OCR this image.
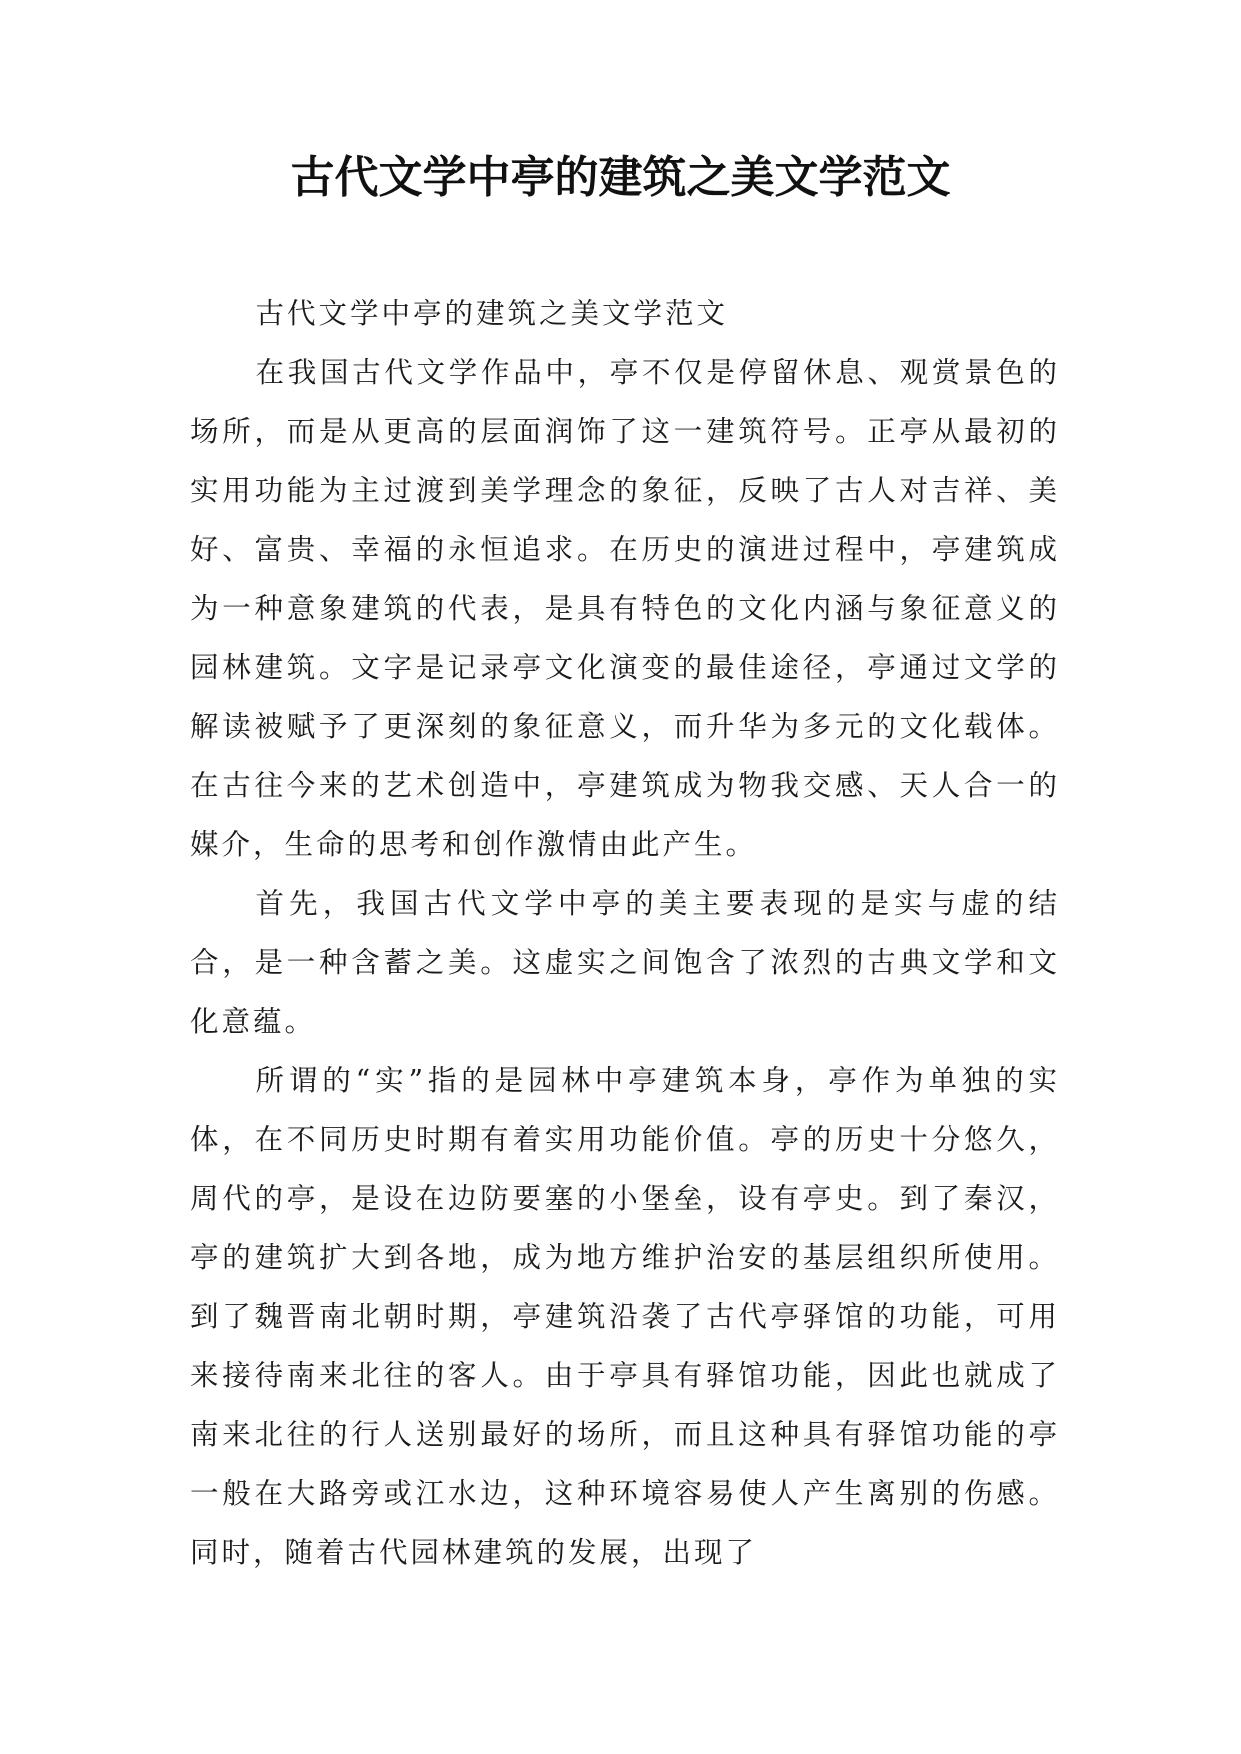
古代文学中亭的建筑之美文学范文

古代文学中亭的建筑之美文学范文

在我国古代文学作品中，亭不仅是停留休息、观赏景色的场所，而是从更高的层面润饰了这一建筑符号。正亭从最初的实用功能为主过渡到美学理念的象征，反映了古人对吉祥、美好、富贵、幸福的永恒追求。在历史的演进过程中，亭建筑成为一种意象建筑的代表，是具有特色的文化内涵与象征意义的园林建筑。文字是记录亭文化演变的最佳途径，亭通过文学的解读被赋予了更深刻的象征意义，而升华为多元的文化载体。在古往今来的艺术创造中，亭建筑成为物我交感、天人合一的媒介，生命的思考和创作激情由此产生。

首先，我国古代文学中亭的美主要表现的是实与虚的结合，是一种含蓄之美。这虚实之间饱含了浓烈的古典文学和文化意蕴。

所谓的“实”指的是园林中亭建筑本身，亭作为单独的实体，在不同历史时期有着实用功能价值。亭的历史十分悠久，周代的亭，是设在边防要塞的小堡垒，设有亭史。到了秦汉，亭的建筑扩大到各地，成为地方维护治安的基层组织所使用。到了魏晋南北朝时期，亭建筑沿袭了古代亭驿馆的功能，可用来接待南来北往的客人。由于亭具有驿馆功能，因此也就成了南来北往的行人送别最好的场所，而且这种具有驿馆功能的亭一般在大路旁或江水边，这种环境容易使人产生离别的伤感。同时，随着古代园林建筑的发展，出现了
